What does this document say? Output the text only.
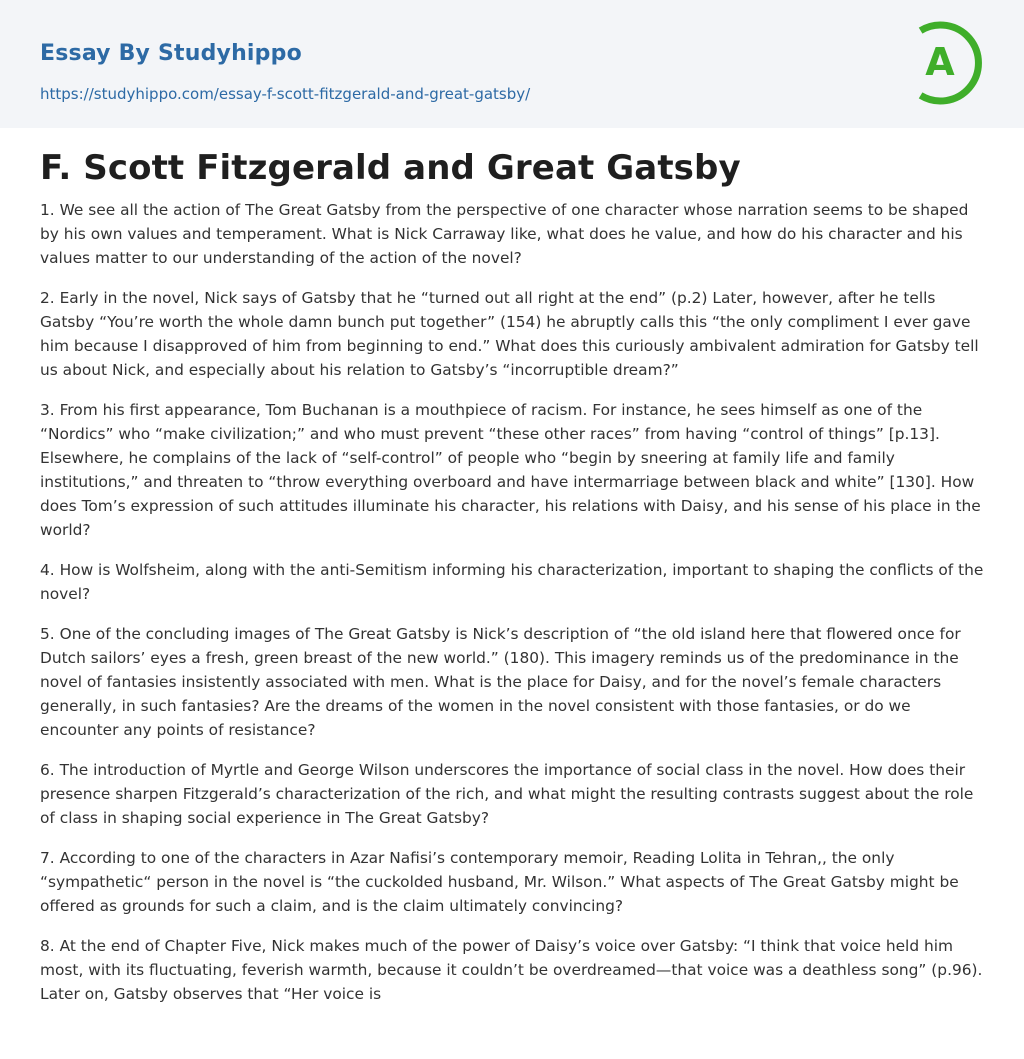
Essay By Studyhippo
https://studyhippo.com/essay-f-scott-fitzgerald-and-great-gatsby/
A
F. Scott Fitzgerald and Great Gatsby

1. We see all the action of The Great Gatsby from the perspective of one character whose narration seems to be shaped by his own values and temperament. What is Nick Carraway like, what does he value, and how do his character and his values matter to our understanding of the action of the novel?

2. Early in the novel, Nick says of Gatsby that he “turned out all right at the end” (p.2) Later, however, after he tells Gatsby “You’re worth the whole damn bunch put together” (154) he abruptly calls this “the only compliment I ever gave him because I disapproved of him from beginning to end.” What does this curiously ambivalent admiration for Gatsby tell us about Nick, and especially about his relation to Gatsby’s “incorruptible dream?”

3. From his first appearance, Tom Buchanan is a mouthpiece of racism. For instance, he sees himself as one of the “Nordics” who “make civilization;” and who must prevent “these other races” from having “control of things” [p.13]. Elsewhere, he complains of the lack of “self-control” of people who “begin by sneering at family life and family institutions,” and threaten to “throw everything overboard and have intermarriage between black and white” [130]. How does Tom’s expression of such attitudes illuminate his character, his relations with Daisy, and his sense of his place in the world?

4. How is Wolfsheim, along with the anti-Semitism informing his characterization, important to shaping the conflicts of the novel?

5. One of the concluding images of The Great Gatsby is Nick’s description of “the old island here that flowered once for Dutch sailors’ eyes a fresh, green breast of the new world.” (180). This imagery reminds us of the predominance in the novel of fantasies insistently associated with men. What is the place for Daisy, and for the novel’s female characters generally, in such fantasies? Are the dreams of the women in the novel consistent with those fantasies, or do we encounter any points of resistance?

6. The introduction of Myrtle and George Wilson underscores the importance of social class in the novel. How does their presence sharpen Fitzgerald’s characterization of the rich, and what might the resulting contrasts suggest about the role of class in shaping social experience in The Great Gatsby?

7. According to one of the characters in Azar Nafisi’s contemporary memoir, Reading Lolita in Tehran,, the only “sympathetic“ person in the novel is “the cuckolded husband, Mr. Wilson.” What aspects of The Great Gatsby might be offered as grounds for such a claim, and is the claim ultimately convincing?

8. At the end of Chapter Five, Nick makes much of the power of Daisy’s voice over Gatsby: “I think that voice held him most, with its fluctuating, feverish warmth, because it couldn’t be overdreamed—that voice was a deathless song” (p.96). Later on, Gatsby observes that “Her voice is
